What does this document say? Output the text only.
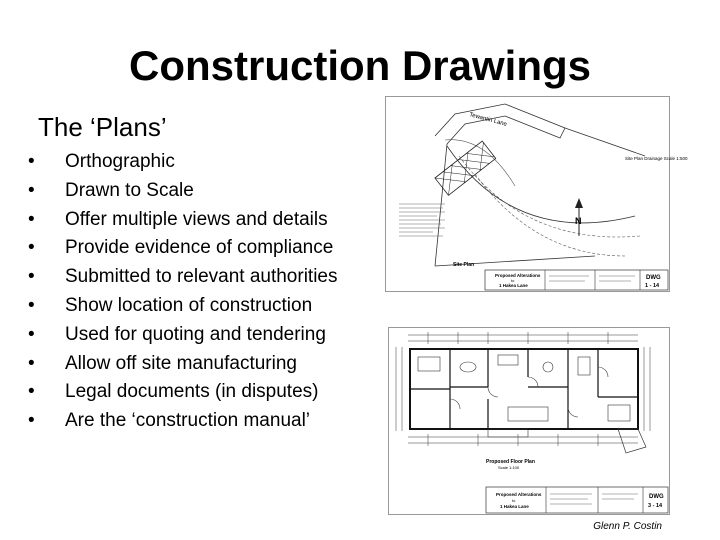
Construction Drawings
The ‘Plans’
• Orthographic
• Drawn to Scale
• Offer multiple views and details
• Provide evidence of compliance
• Submitted to relevant authorities
• Show location of construction
• Used for quoting and tendering
• Allow off site manufacturing
• Legal documents (in disputes)
• Are the ‘construction manual’
Tewantin Lane
N
Site Plan Drainage Scale 1:500
Site Plan
Proposed Alterations
to
1 Hakea Lane
DWG
1 - 14
Proposed Floor Plan
Scale 1:100
Proposed Alterations
to
1 Hakea Lane
DWG
3 - 14
Glenn P. Costin
